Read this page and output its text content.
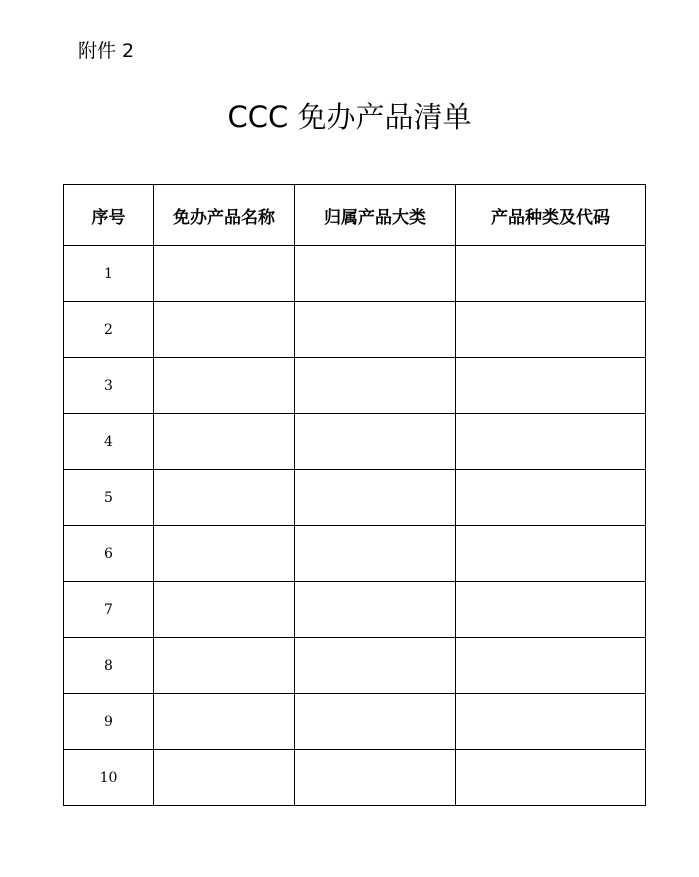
附件 2
CCC 免办产品清单
序号	免办产品名称	归属产品大类	产品种类及代码
1			
2			
3			
4			
5			
6			
7			
8			
9			
10			
